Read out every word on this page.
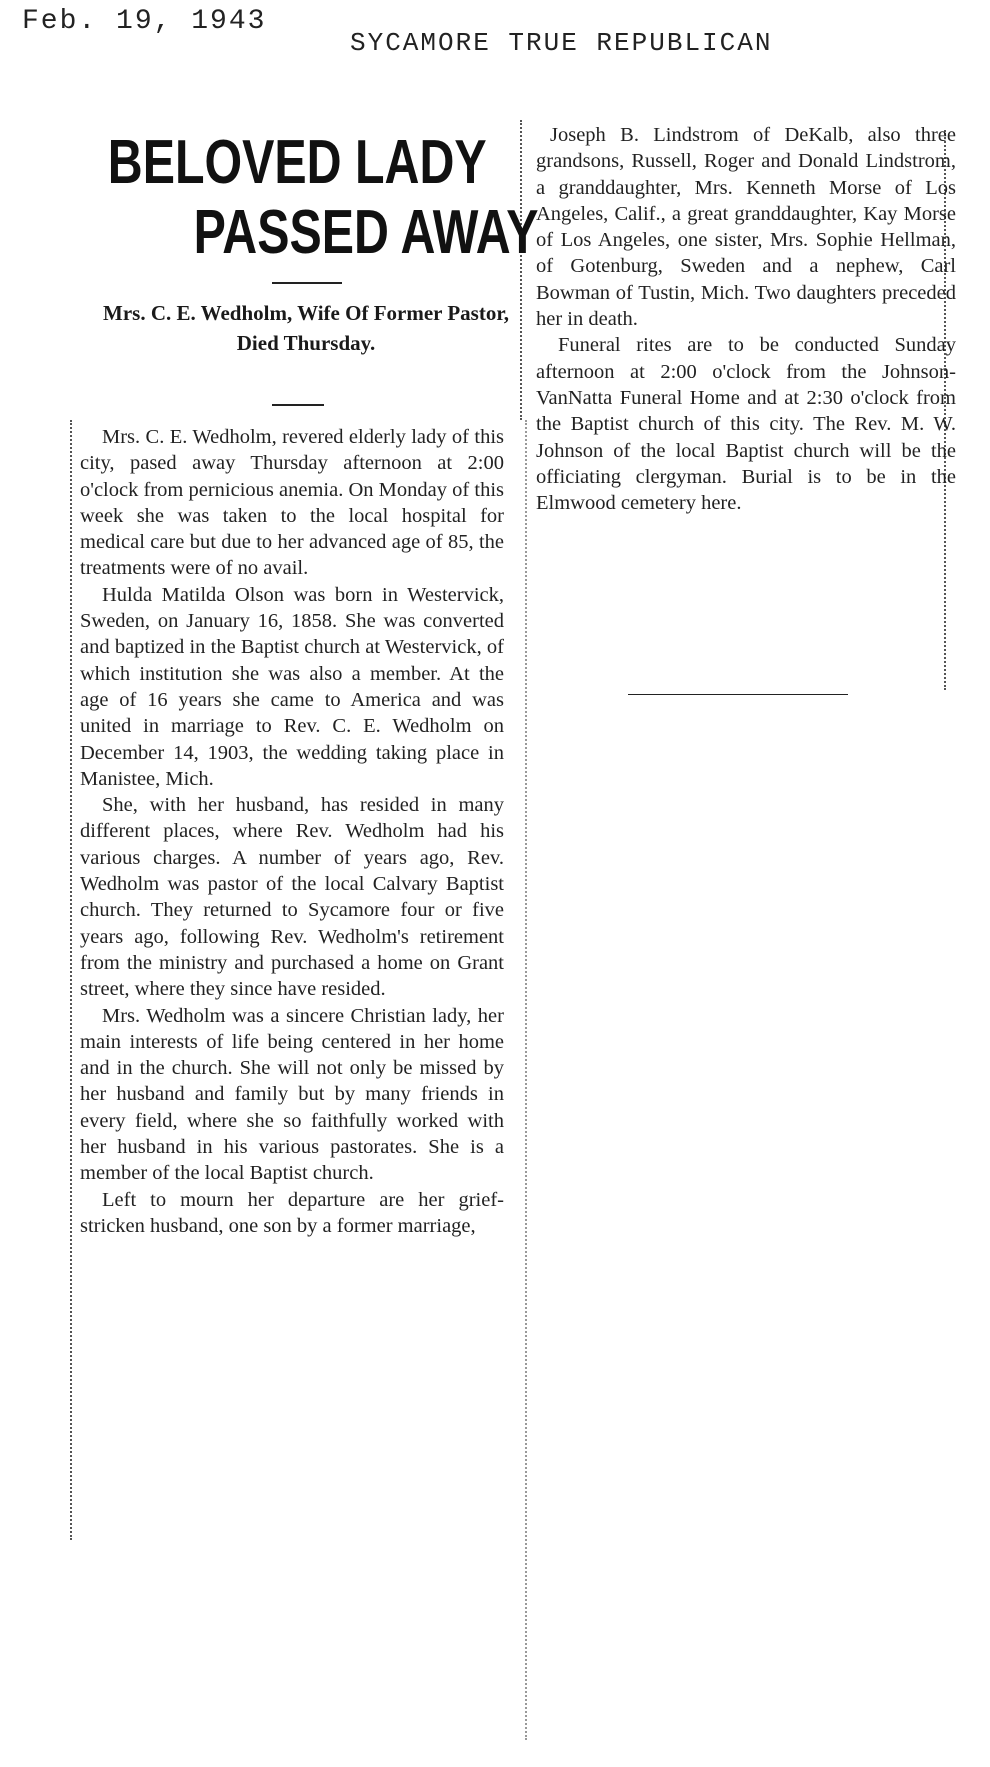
Feb. 19, 1943
SYCAMORE TRUE REPUBLICAN
BELOVED LADY
PASSED AWAY
Mrs. C. E. Wedholm, Wife Of Former Pastor, Died Thursday.

Mrs. C. E. Wedholm, revered elderly lady of this city, pased away Thursday afternoon at 2:00 o'clock from pernicious anemia. On Monday of this week she was taken to the local hospital for medical care but due to her advanced age of 85, the treatments were of no avail.

Hulda Matilda Olson was born in Westervick, Sweden, on January 16, 1858. She was converted and baptized in the Baptist church at Westervick, of which institution she was also a member. At the age of 16 years she came to America and was united in marriage to Rev. C. E. Wedholm on December 14, 1903, the wedding taking place in Manistee, Mich.

She, with her husband, has resided in many different places, where Rev. Wedholm had his various charges. A number of years ago, Rev. Wedholm was pastor of the local Calvary Baptist church. They returned to Sycamore four or five years ago, following Rev. Wedholm's retirement from the ministry and purchased a home on Grant street, where they since have resided.

Mrs. Wedholm was a sincere Christian lady, her main interests of life being centered in her home and in the church. She will not only be missed by her husband and family but by many friends in every field, where she so faithfully worked with her husband in his various pastorates. She is a member of the local Baptist church.

Left to mourn her departure are her grief-stricken husband, one son by a former marriage,

Joseph B. Lindstrom of DeKalb, also three grandsons, Russell, Roger and Donald Lindstrom, a granddaughter, Mrs. Kenneth Morse of Los Angeles, Calif., a great granddaughter, Kay Morse of Los Angeles, one sister, Mrs. Sophie Hellman, of Gotenburg, Sweden and a nephew, Carl Bowman of Tustin, Mich. Two daughters preceded her in death.

Funeral rites are to be conducted Sunday afternoon at 2:00 o'clock from the Johnson-VanNatta Funeral Home and at 2:30 o'clock from the Baptist church of this city. The Rev. M. W. Johnson of the local Baptist church will be the officiating clergyman. Burial is to be in the Elmwood cemetery here.
